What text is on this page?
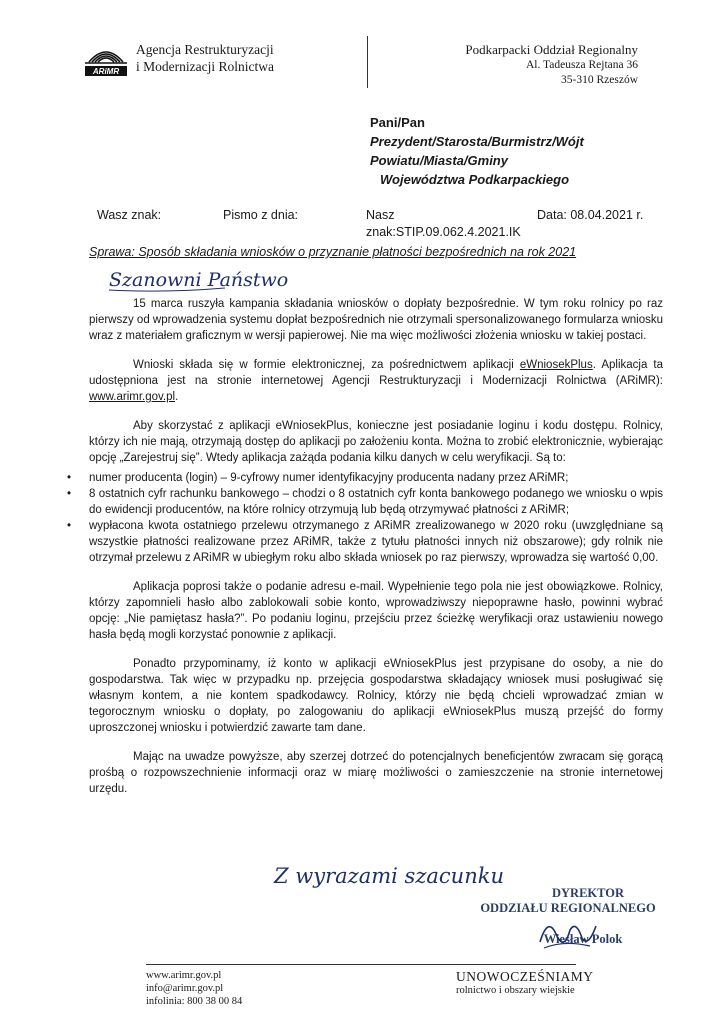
ARiMR
Agencja Restrukturyzacji
i Modernizacji Rolnictwa
Podkarpacki Oddział Regionalny
Al. Tadeusza Rejtana 36
35-310 Rzeszów
Pani/Pan
Prezydent/Starosta/Burmistrz/Wójt
Powiatu/Miasta/Gminy
Województwa Podkarpackiego
Wasz znak:	Pismo z dnia:	Nasz
znak:STIP.09.062.4.2021.IK
Data: 08.04.2021 r.
Sprawa: Sposób składania wniosków o przyznanie płatności bezpośrednich na rok 2021
Szanowni Państwo

15 marca ruszyła kampania składania wniosków o dopłaty bezpośrednie. W tym roku rolnicy po raz pierwszy od wprowadzenia systemu dopłat bezpośrednich nie otrzymali spersonalizowanego formularza wniosku wraz z materiałem graficznym w wersji papierowej. Nie ma więc możliwości złożenia wniosku w takiej postaci.

Wnioski składa się w formie elektronicznej, za pośrednictwem aplikacji eWniosekPlus. Aplikacja ta udostępniona jest na stronie internetowej Agencji Restrukturyzacji i Modernizacji Rolnictwa (ARiMR): www.arimr.gov.pl.

Aby skorzystać z aplikacji eWniosekPlus, konieczne jest posiadanie loginu i kodu dostępu. Rolnicy, którzy ich nie mają, otrzymają dostęp do aplikacji po założeniu konta. Można to zrobić elektronicznie, wybierając opcję „Zarejestruj się”. Wtedy aplikacja zażąda podania kilku danych w celu weryfikacji. Są to:

• numer producenta (login) – 9-cyfrowy numer identyfikacyjny producenta nadany przez ARiMR;
• 8 ostatnich cyfr rachunku bankowego – chodzi o 8 ostatnich cyfr konta bankowego podanego we wniosku o wpis do ewidencji producentów, na które rolnicy otrzymują lub będą otrzymywać płatności z ARiMR;
• wypłacona kwota ostatniego przelewu otrzymanego z ARiMR zrealizowanego w 2020 roku (uwzględniane są wszystkie płatności realizowane przez ARiMR, także z tytułu płatności innych niż obszarowe); gdy rolnik nie otrzymał przelewu z ARiMR w ubiegłym roku albo składa wniosek po raz pierwszy, wprowadza się wartość 0,00.

Aplikacja poprosi także o podanie adresu e-mail. Wypełnienie tego pola nie jest obowiązkowe. Rolnicy, którzy zapomnieli hasło albo zablokowali sobie konto, wprowadziwszy niepoprawne hasło, powinni wybrać opcję: „Nie pamiętasz hasła?”. Po podaniu loginu, przejściu przez ścieżkę weryfikacji oraz ustawieniu nowego hasła będą mogli korzystać ponownie z aplikacji.

Ponadto przypominamy, iż konto w aplikacji eWniosekPlus jest przypisane do osoby, a nie do gospodarstwa. Tak więc w przypadku np. przejęcia gospodarstwa składający wniosek musi posługiwać się własnym kontem, a nie kontem spadkodawcy. Rolnicy, którzy nie będą chcieli wprowadzać zmian w tegorocznym wniosku o dopłaty, po zalogowaniu do aplikacji eWniosekPlus muszą przejść do formy uproszczonej wniosku i potwierdzić zawarte tam dane.

Mając na uwadze powyższe, aby szerzej dotrzeć do potencjalnych beneficjentów zwracam się gorącą prośbą o rozpowszechnienie informacji oraz w miarę możliwości o zamieszczenie na stronie internetowej urzędu.

Z wyrazami szacunku
DYREKTOR
ODDZIAŁU REGIONALNEGO
Wiesław Polok
www.arimr.gov.pl
info@arimr.gov.pl
infolinia: 800 38 00 84
UNOWOCZEŚNIAMY
rolnictwo i obszary wiejskie
